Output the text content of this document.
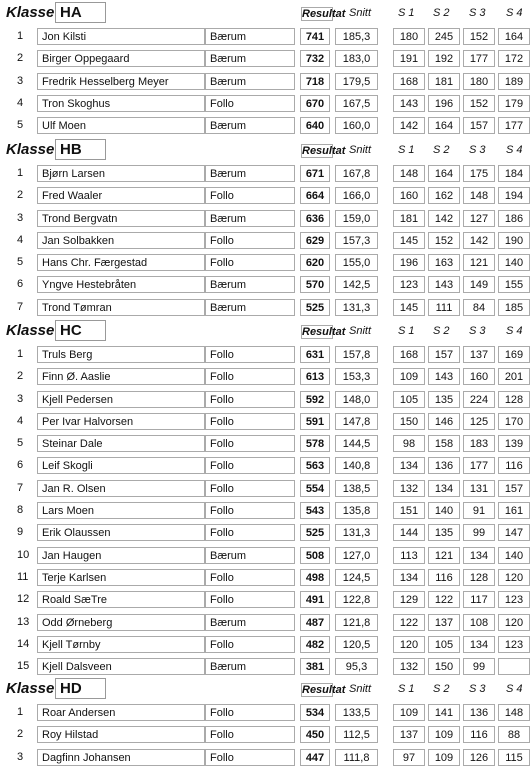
Klasse HA	Resultat Snitt S 1 S 2 S 3 S 4
1	Jon Kilsti	Bærum	741	185,3	180	245	152	164
2	Birger Oppegaard	Bærum	732	183,0	191	192	177	172
3	Fredrik Hesselberg Meyer	Bærum	718	179,5	168	181	180	189
4	Tron Skoghus	Follo	670	167,5	143	196	152	179
5	Ulf Moen	Bærum	640	160,0	142	164	157	177
Klasse HB	Resultat Snitt S 1 S 2 S 3 S 4
1	Bjørn Larsen	Bærum	671	167,8	148	164	175	184
2	Fred Waaler	Follo	664	166,0	160	162	148	194
3	Trond Bergvatn	Bærum	636	159,0	181	142	127	186
4	Jan Solbakken	Follo	629	157,3	145	152	142	190
5	Hans Chr. Færgestad	Follo	620	155,0	196	163	121	140
6	Yngve Hestebråten	Bærum	570	142,5	123	143	149	155
7	Trond Tømran	Bærum	525	131,3	145	111	84	185
Klasse HC	Resultat Snitt S 1 S 2 S 3 S 4
1	Truls Berg	Follo	631	157,8	168	157	137	169
2	Finn Ø. Aaslie	Follo	613	153,3	109	143	160	201
3	Kjell Pedersen	Follo	592	148,0	105	135	224	128
4	Per Ivar Halvorsen	Follo	591	147,8	150	146	125	170
5	Steinar Dale	Follo	578	144,5	98	158	183	139
6	Leif Skogli	Follo	563	140,8	134	136	177	116
7	Jan R. Olsen	Follo	554	138,5	132	134	131	157
8	Lars Moen	Follo	543	135,8	151	140	91	161
9	Erik Olaussen	Follo	525	131,3	144	135	99	147
10	Jan Haugen	Bærum	508	127,0	113	121	134	140
11	Terje Karlsen	Follo	498	124,5	134	116	128	120
12	Roald SæTre	Follo	491	122,8	129	122	117	123
13	Odd Ørneberg	Bærum	487	121,8	122	137	108	120
14	Kjell Tørnby	Follo	482	120,5	120	105	134	123
15	Kjell Dalsveen	Bærum	381	95,3	132	150	99
Klasse HD	Resultat Snitt S 1 S 2 S 3 S 4
1	Roar Andersen	Follo	534	133,5	109	141	136	148
2	Roy Hilstad	Follo	450	112,5	137	109	116	88
3	Dagfinn Johansen	Follo	447	111,8	97	109	126	115
